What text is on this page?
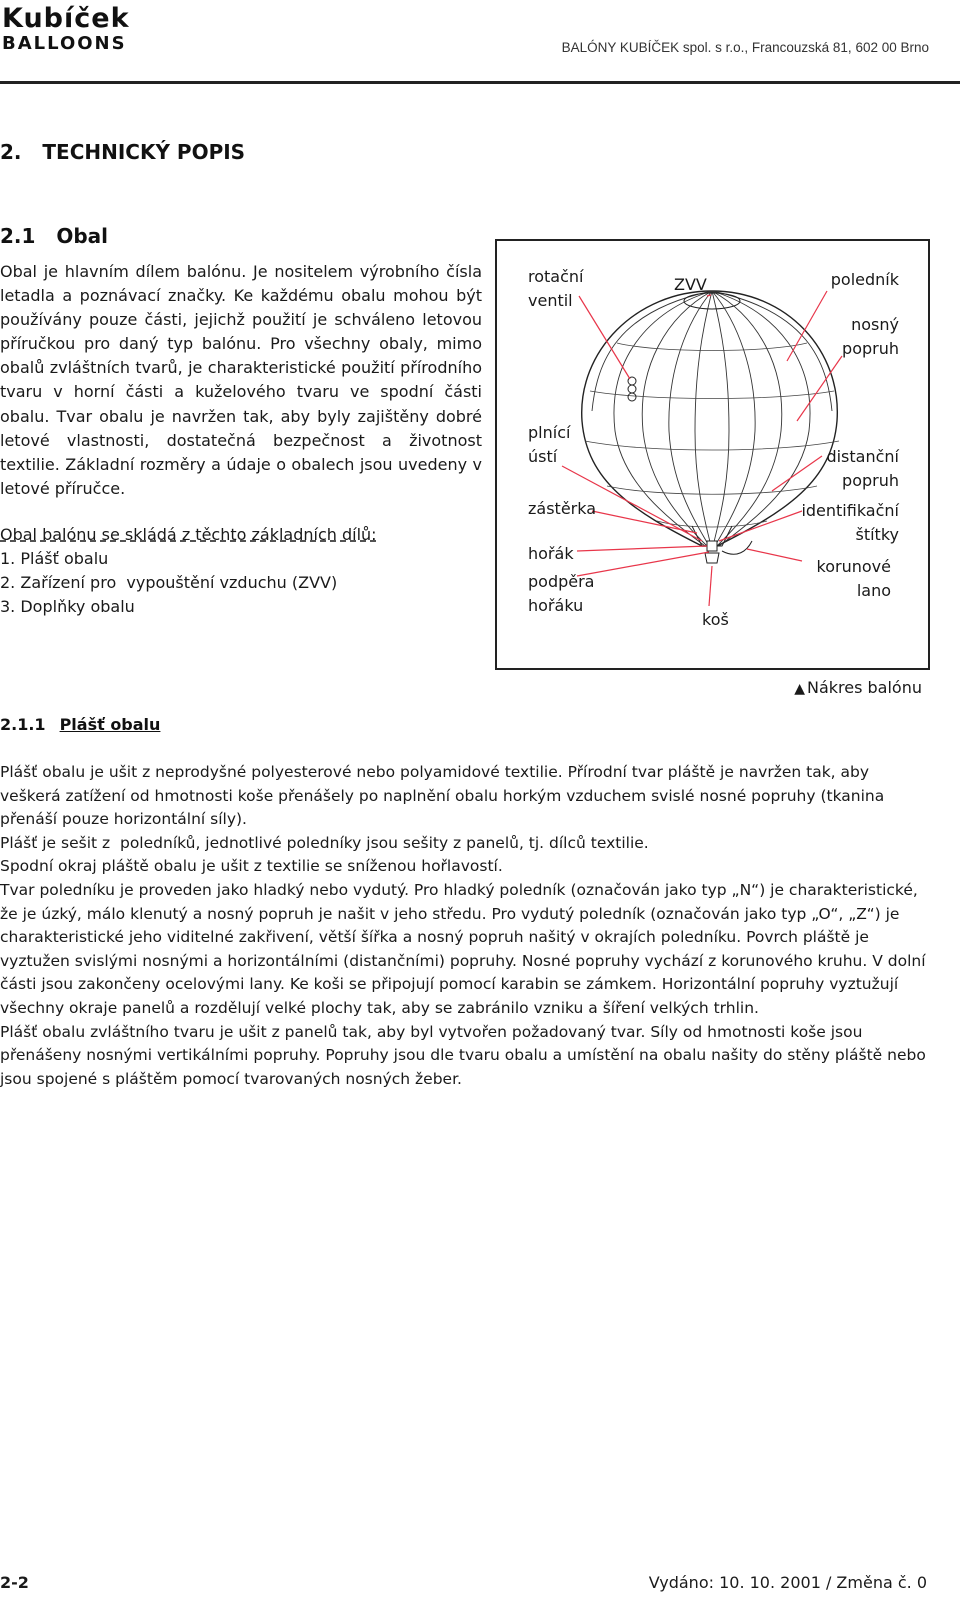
Kubíček
BALLOONS	BALÓNY KUBÍČEK spol. s r.o., Francouzská 81, 602 00 Brno
2.   TECHNICKÝ POPIS
2.1   Obal

Obal je hlavním dílem balónu. Je nositelem výrobního čísla letadla a poznávací značky. Ke každému obalu mohou být používány pouze části, jejichž použití je schváleno letovou příručkou pro daný typ balónu. Pro všechny obaly, mimo obalů zvláštních tvarů, je charakteristické použití přírodního tvaru v horní části a kuželového tvaru ve spodní části obalu. Tvar obalu je navržen tak, aby byly zajištěny dobré letové vlastnosti, dostatečná bezpečnost a životnost textilie. Základní rozměry a údaje o obalech jsou uvedeny v letové příručce.

Obal balónu se skládá z těchto základních dílů:
1. Plášť obalu
2. Zařízení pro  vypouštění vzduchu (ZVV)
3. Doplňky obalu
rotační
ventil
ZVV	poledník
nosný
popruh
plnící
ústí	distanční
popruh
zástěrka	identifikační
štítky
hořák
korunové
lano
podpěra
hořáku
koš
▲ Nákres balónu
2.1.1 Plášť obalu

Plášť obalu je ušit z neprodyšné polyesterové nebo polyamidové textilie. Přírodní tvar pláště je navržen tak, aby veškerá zatížení od hmotnosti koše přenášely po naplnění obalu horkým vzduchem svislé nosné popruhy (tkanina přenáší pouze horizontální síly).

Plášť je sešit z  poledníků, jednotlivé poledníky jsou sešity z panelů, tj. dílců textilie.

Spodní okraj pláště obalu je ušit z textilie se sníženou hořlavostí.

Tvar poledníku je proveden jako hladký nebo vydutý. Pro hladký poledník (označován jako typ „N“) je charakteristické, že je úzký, málo klenutý a nosný popruh je našit v jeho středu. Pro vydutý poledník (označován jako typ „O“, „Z“) je charakteristické jeho viditelné zakřivení, větší šířka a nosný popruh našitý v okrajích poledníku. Povrch pláště je vyztužen svislými nosnými a horizontálními (distančními) popruhy. Nosné popruhy vychází z korunového kruhu. V dolní části jsou zakončeny ocelovými lany. Ke koši se připojují pomocí karabin se zámkem. Horizontální popruhy vyztužují všechny okraje panelů a rozdělují velké plochy tak, aby se zabránilo vzniku a šíření velkých trhlin.

Plášť obalu zvláštního tvaru je ušit z panelů tak, aby byl vytvořen požadovaný tvar. Síly od hmotnosti koše jsou přenášeny nosnými vertikálními popruhy. Popruhy jsou dle tvaru obalu a umístění na obalu našity do stěny pláště nebo jsou spojené s pláštěm pomocí tvarovaných nosných žeber.

2-2	Vydáno: 10. 10. 2001 / Změna č. 0
